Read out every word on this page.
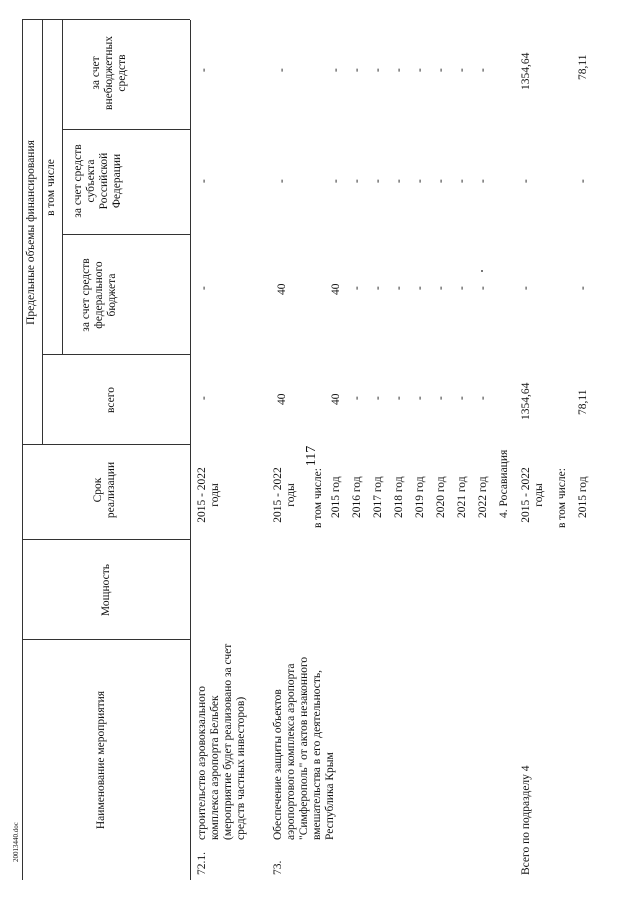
117
20013440.doc
Наименование мероприятия
Мощность
Срок реализации
Предельные объемы финансирования
всего
в том числе
за счет средств федерального бюджета
за счет средств субъекта Российской Федерации
за счет внебюджетных средств
72.1.
строительство аэровокзального комплекса аэропорта Бельбек (мероприятие будет реализовано за счет средств частных инвесторов)
2015 - 2022 годы
-
-
-
-
73.
Обеспечение защиты объектов аэропортового комплекса аэропорта "Симферополь" от актов незаконного вмешательства в его деятельность, Республика Крым
2015 - 2022 годы
40
40
-
-
в том числе: 2015 год
40
40
-
-
2016 год
-
-
-
-
2017 год
-
-
-
-
2018 год
-
-
-
-
2019 год
-
-
-
-
2020 год
-
-
-
-
2021 год
-
-
-
-
2022 год
-
-
-
-
4. Росавиация
Всего по подразделу 4
2015 - 2022 годы
1354,64
-
-
1354,64
в том числе: 2015 год
78,11
-
-
78,11
